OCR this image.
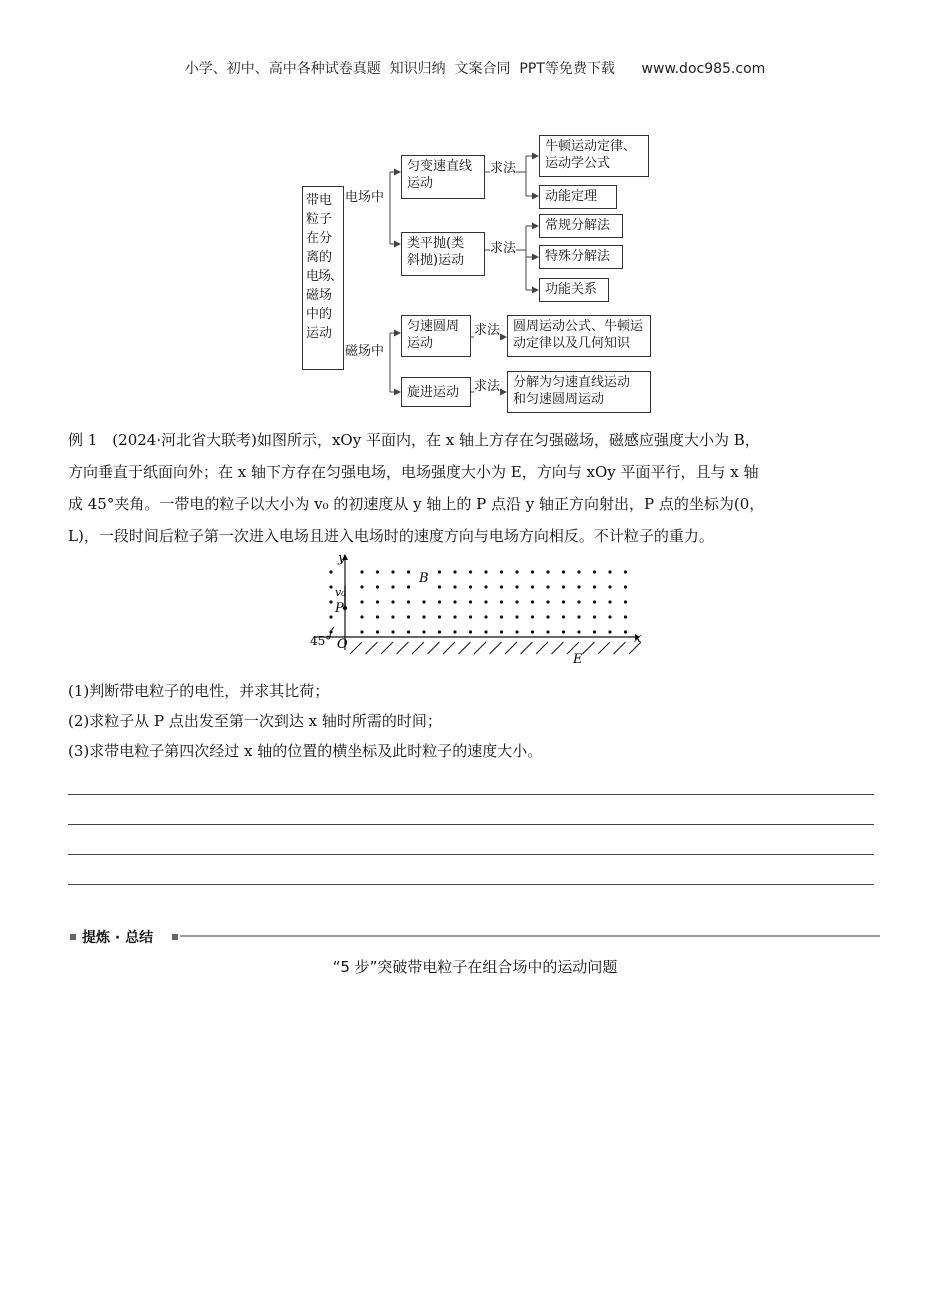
小学、初中、高中各种试卷真题  知识归纳  文案合同  PPT等免费下载      www.doc985.com
带电
粒子
在分
离的
电场、
磁场
中的
运动
电场中
磁场中
匀变速直线
运动
类平抛(类
斜抛)运动
匀速圆周
运动
旋进运动
求法
求法
求法
求法
牛顿运动定律、
运动学公式
动能定理
常规分解法
特殊分解法
功能关系
圆周运动公式、牛顿运
动定律以及几何知识
分解为匀速直线运动
和匀速圆周运动
例 1　(2024·河北省大联考)如图所示，xOy 平面内，在 x 轴上方存在匀强磁场，磁感应强度大小为 B，
方向垂直于纸面向外；在 x 轴下方存在匀强电场，电场强度大小为 E，方向与 xOy 平面平行，且与 x 轴
成 45°夹角。一带电的粒子以大小为 v₀ 的初速度从 y 轴上的 P 点沿 y 轴正方向射出，P 点的坐标为(0，
L)，一段时间后粒子第一次进入电场且进入电场时的速度方向与电场方向相反。不计粒子的重力。
x
y
B
v₀
P
O
45°
E
(1)判断带电粒子的电性，并求其比荷；
(2)求粒子从 P 点出发至第一次到达 x 轴时所需的时间；
(3)求带电粒子第四次经过 x 轴的位置的横坐标及此时粒子的速度大小。
提炼 · 总结
“5 步”突破带电粒子在组合场中的运动问题
